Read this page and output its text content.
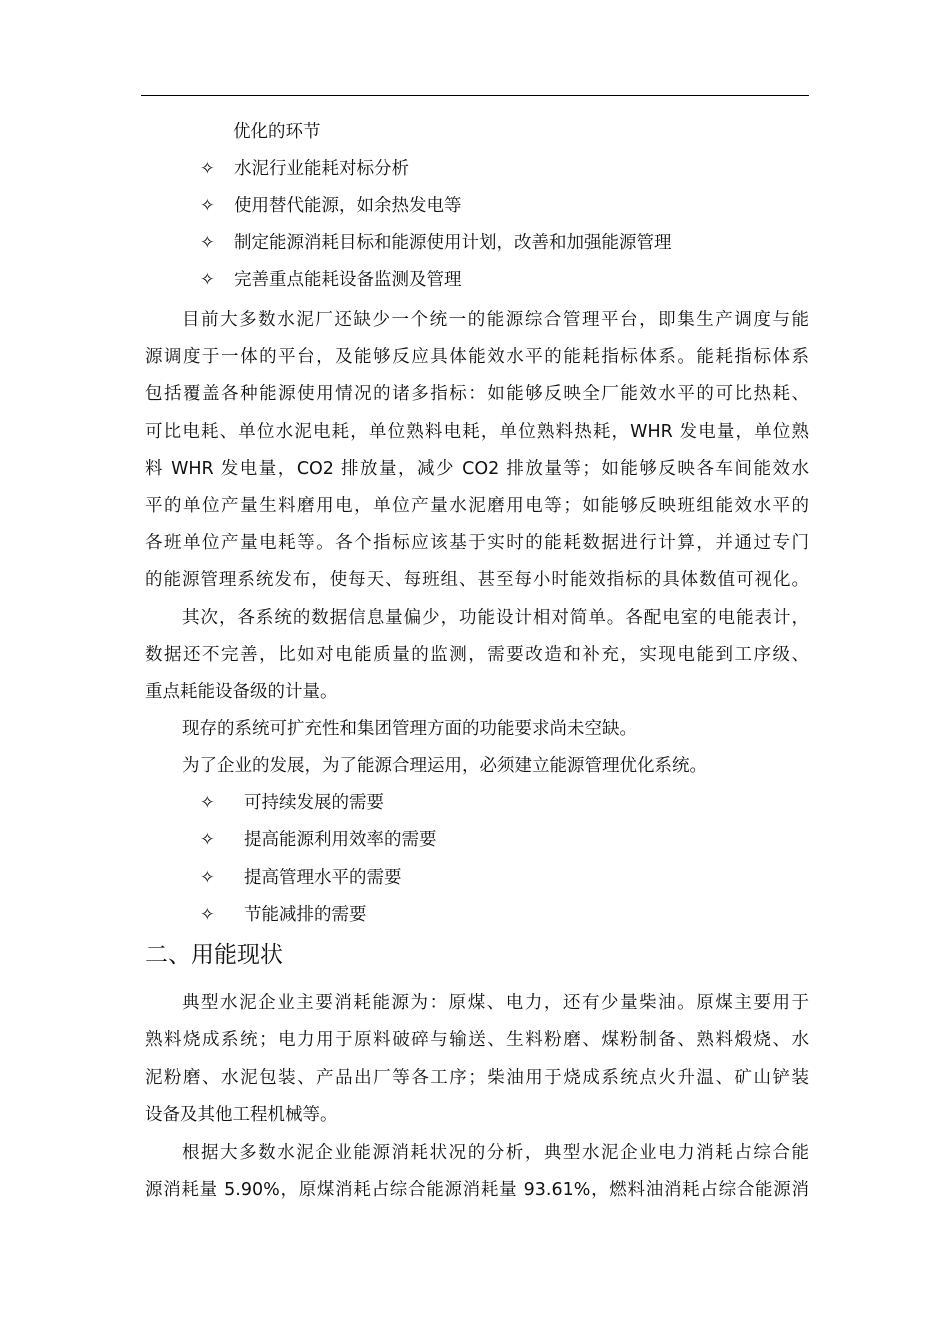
优化的环节
✧ 水泥行业能耗对标分析
✧ 使用替代能源，如余热发电等
✧ 制定能源消耗目标和能源使用计划，改善和加强能源管理
✧ 完善重点能耗设备监测及管理
目前大多数水泥厂还缺少一个统一的能源综合管理平台，即集生产调度与能
源调度于一体的平台，及能够反应具体能效水平的能耗指标体系。能耗指标体系
包括覆盖各种能源使用情况的诸多指标：如能够反映全厂能效水平的可比热耗、
可比电耗、单位水泥电耗，单位熟料电耗，单位熟料热耗，WHR 发电量，单位熟
料 WHR 发电量，CO2 排放量，减少 CO2 排放量等；如能够反映各车间能效水
平的单位产量生料磨用电，单位产量水泥磨用电等；如能够反映班组能效水平的
各班单位产量电耗等。各个指标应该基于实时的能耗数据进行计算，并通过专门
的能源管理系统发布，使每天、每班组、甚至每小时能效指标的具体数值可视化。
其次，各系统的数据信息量偏少，功能设计相对简单。各配电室的电能表计，
数据还不完善，比如对电能质量的监测，需要改造和补充，实现电能到工序级、
重点耗能设备级的计量。
现存的系统可扩充性和集团管理方面的功能要求尚未空缺。
为了企业的发展，为了能源合理运用，必须建立能源管理优化系统。
✧ 可持续发展的需要
✧ 提高能源利用效率的需要
✧ 提高管理水平的需要
✧ 节能减排的需要
二、用能现状
典型水泥企业主要消耗能源为：原煤、电力，还有少量柴油。原煤主要用于
熟料烧成系统；电力用于原料破碎与输送、生料粉磨、煤粉制备、熟料煅烧、水
泥粉磨、水泥包装、产品出厂等各工序；柴油用于烧成系统点火升温、矿山铲装
设备及其他工程机械等。
根据大多数水泥企业能源消耗状况的分析，典型水泥企业电力消耗占综合能
源消耗量 5.90%，原煤消耗占综合能源消耗量 93.61%，燃料油消耗占综合能源消
